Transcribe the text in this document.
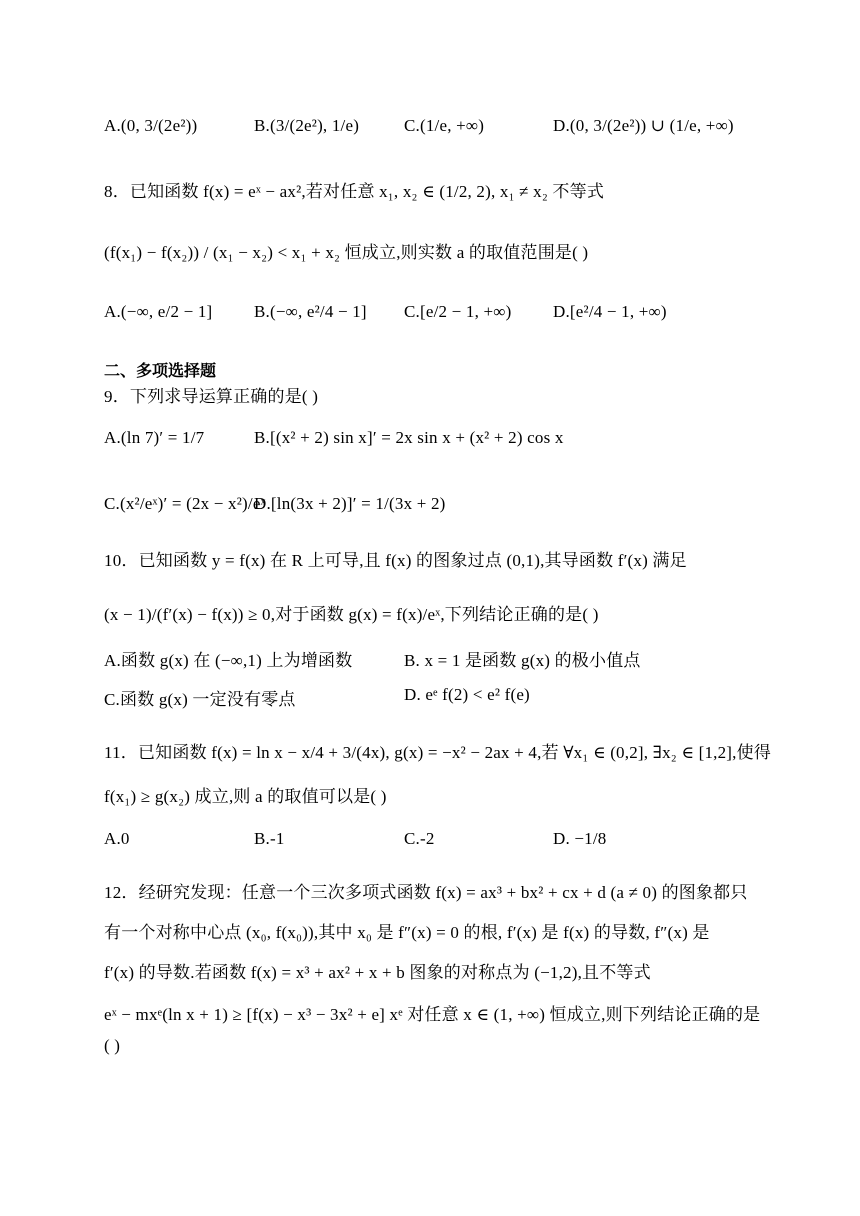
A.(0, 3/(2e²))	B.(3/(2e²), 1/e)	C.(1/e, +∞)	D.(0, 3/(2e²)) ∪ (1/e, +∞)
8．已知函数 f(x) = eˣ − ax²,若对任意 x₁, x₂ ∈ (1/2, 2), x₁ ≠ x₂ 不等式
(f(x₁) − f(x₂)) / (x₁ − x₂) < x₁ + x₂ 恒成立,则实数 a 的取值范围是( )
A.(−∞, e/2 − 1] B.(−∞, e²/4 − 1] C.[e/2 − 1, +∞) D.[e²/4 − 1, +∞)
二、多项选择题
9．下列求导运算正确的是( )
A.(ln 7)′ = 1/7	B.[(x² + 2) sin x]′ = 2x sin x + (x² + 2) cos x
C.(x²/eˣ)′ = (2x − x²)/eˣ
D.[ln(3x + 2)]′ = 1/(3x + 2)
10．已知函数 y = f(x) 在 R 上可导,且 f(x) 的图象过点 (0,1),其导函数 f′(x) 满足
(x − 1)/(f′(x) − f(x)) ≥ 0,对于函数 g(x) = f(x)/eˣ,下列结论正确的是( )
A.函数 g(x) 在 (−∞,1) 上为增函数	B. x = 1 是函数 g(x) 的极小值点
C.函数 g(x) 一定没有零点	D. eᵉ f(2) < e² f(e)
11．已知函数 f(x) = ln x − x/4 + 3/(4x), g(x) = −x² − 2ax + 4,若 ∀x₁ ∈ (0,2], ∃x₂ ∈ [1,2],使得
f(x₁) ≥ g(x₂) 成立,则 a 的取值可以是( )
A.0	B.-1	C.-2	D. −1/8
12．经研究发现：任意一个三次多项式函数 f(x) = ax³ + bx² + cx + d (a ≠ 0) 的图象都只
有一个对称中心点 (x₀, f(x₀)),其中 x₀ 是 f″(x) = 0 的根, f′(x) 是 f(x) 的导数, f″(x) 是
f′(x) 的导数.若函数 f(x) = x³ + ax² + x + b 图象的对称点为 (−1,2),且不等式
eˣ − mxᵉ(ln x + 1) ≥ [f(x) − x³ − 3x² + e] xᵉ 对任意 x ∈ (1, +∞) 恒成立,则下列结论正确的是
( )
